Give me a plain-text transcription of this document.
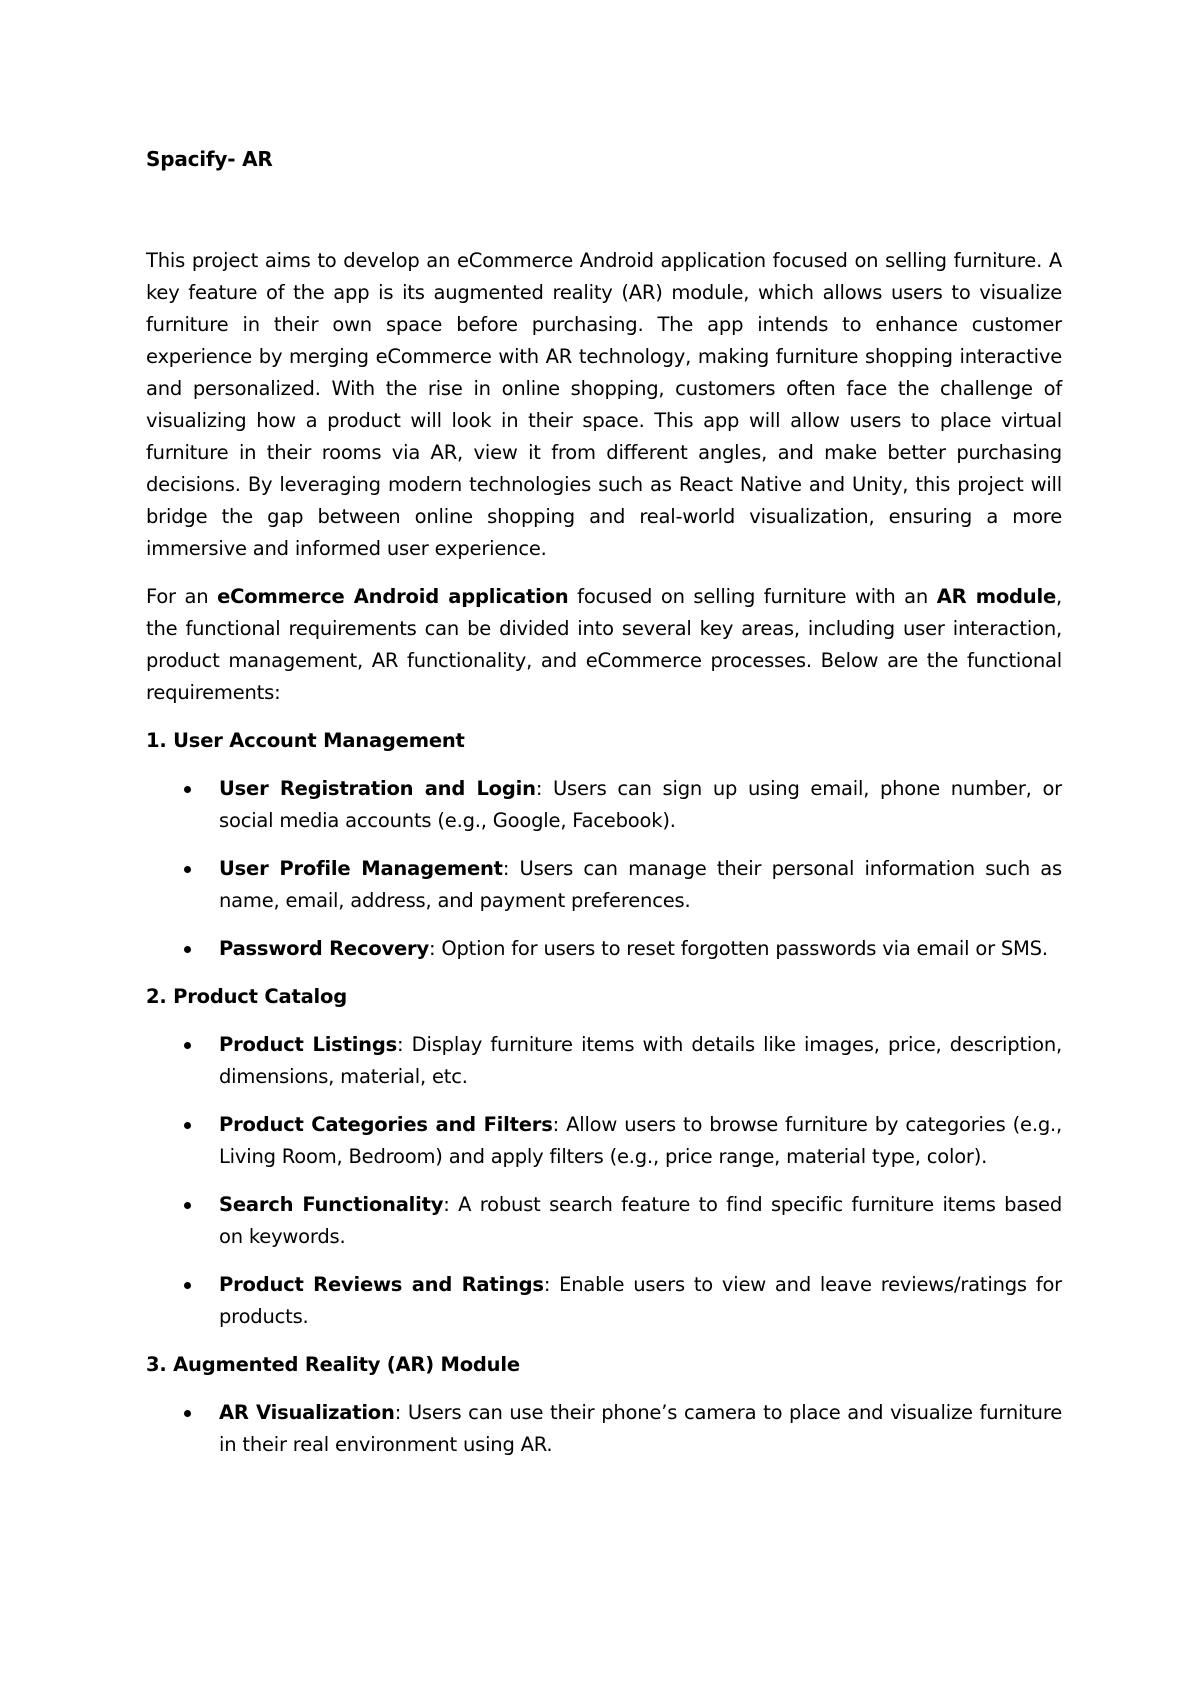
Spacify- AR

This project aims to develop an eCommerce Android application focused on selling furniture. A key feature of the app is its augmented reality (AR) module, which allows users to visualize furniture in their own space before purchasing. The app intends to enhance customer experience by merging eCommerce with AR technology, making furniture shopping interactive and personalized. With the rise in online shopping, customers often face the challenge of visualizing how a product will look in their space. This app will allow users to place virtual furniture in their rooms via AR, view it from different angles, and make better purchasing decisions. By leveraging modern technologies such as React Native and Unity, this project will bridge the gap between online shopping and real-world visualization, ensuring a more immersive and informed user experience.

For an eCommerce Android application focused on selling furniture with an AR module, the functional requirements can be divided into several key areas, including user interaction, product management, AR functionality, and eCommerce processes. Below are the functional requirements:

1. User Account Management

User Registration and Login: Users can sign up using email, phone number, or social media accounts (e.g., Google, Facebook).
User Profile Management: Users can manage their personal information such as name, email, address, and payment preferences.
Password Recovery: Option for users to reset forgotten passwords via email or SMS.

2. Product Catalog

Product Listings: Display furniture items with details like images, price, description, dimensions, material, etc.
Product Categories and Filters: Allow users to browse furniture by categories (e.g., Living Room, Bedroom) and apply filters (e.g., price range, material type, color).
Search Functionality: A robust search feature to find specific furniture items based on keywords.
Product Reviews and Ratings: Enable users to view and leave reviews/ratings for products.

3. Augmented Reality (AR) Module

AR Visualization: Users can use their phone’s camera to place and visualize furniture in their real environment using AR.
